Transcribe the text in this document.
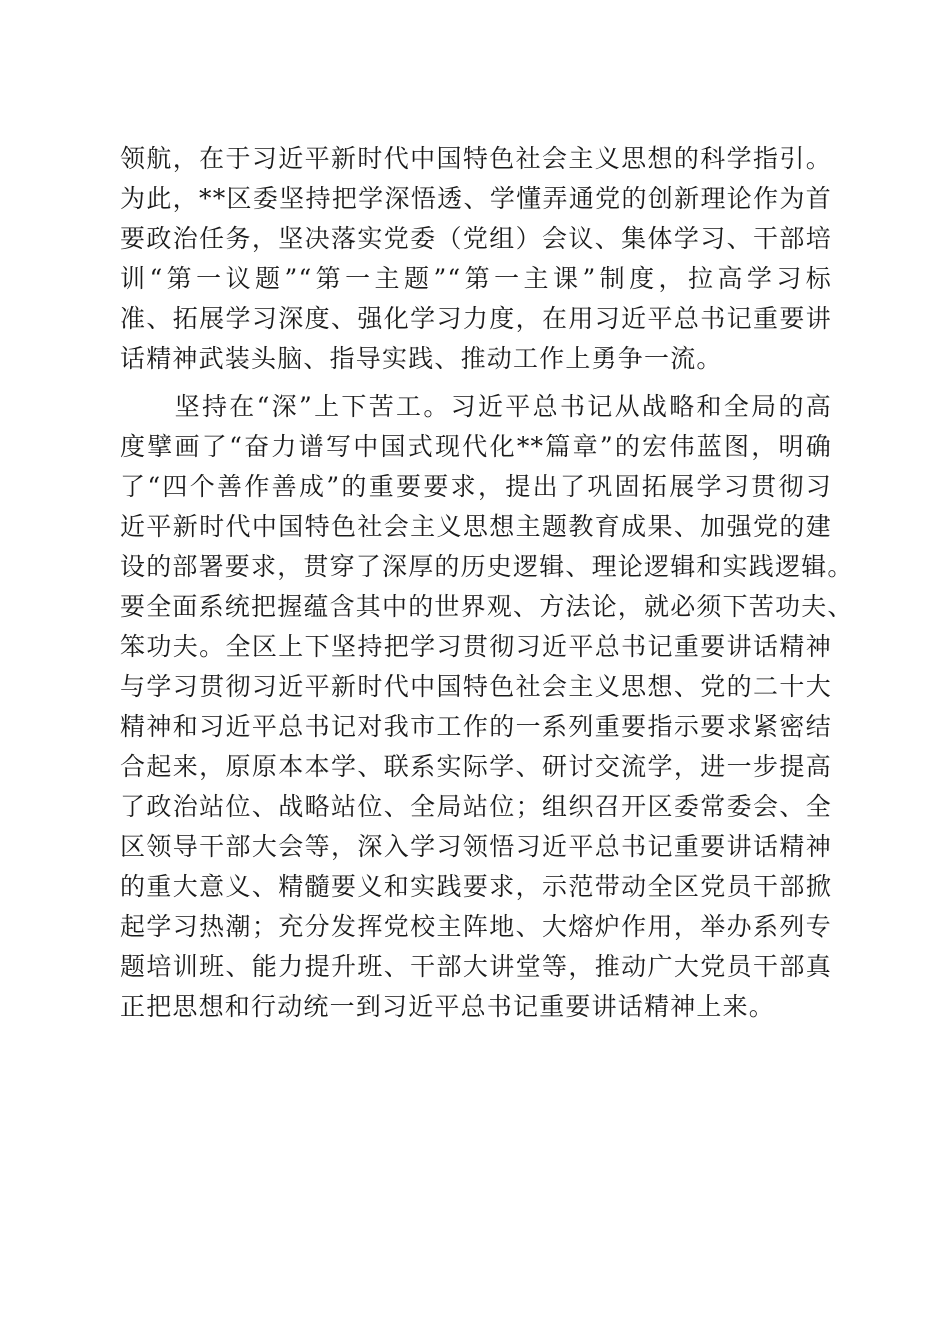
领航，在于习近平新时代中国特色社会主义思想的科学指引。
为此，**区委坚持把学深悟透、学懂弄通党的创新理论作为首
要政治任务，坚决落实党委（党组）会议、集体学习、干部培
训“第一议题”“第一主题”“第一主课”制度，拉高学习标
准、拓展学习深度、强化学习力度，在用习近平总书记重要讲
话精神武装头脑、指导实践、推动工作上勇争一流。
　　坚持在“深”上下苦工。习近平总书记从战略和全局的高
度擘画了“奋力谱写中国式现代化**篇章”的宏伟蓝图，明确
了“四个善作善成”的重要要求，提出了巩固拓展学习贯彻习
近平新时代中国特色社会主义思想主题教育成果、加强党的建
设的部署要求，贯穿了深厚的历史逻辑、理论逻辑和实践逻辑。
要全面系统把握蕴含其中的世界观、方法论，就必须下苦功夫、
笨功夫。全区上下坚持把学习贯彻习近平总书记重要讲话精神
与学习贯彻习近平新时代中国特色社会主义思想、党的二十大
精神和习近平总书记对我市工作的一系列重要指示要求紧密结
合起来，原原本本学、联系实际学、研讨交流学，进一步提高
了政治站位、战略站位、全局站位；组织召开区委常委会、全
区领导干部大会等，深入学习领悟习近平总书记重要讲话精神
的重大意义、精髓要义和实践要求，示范带动全区党员干部掀
起学习热潮；充分发挥党校主阵地、大熔炉作用，举办系列专
题培训班、能力提升班、干部大讲堂等，推动广大党员干部真
正把思想和行动统一到习近平总书记重要讲话精神上来。
